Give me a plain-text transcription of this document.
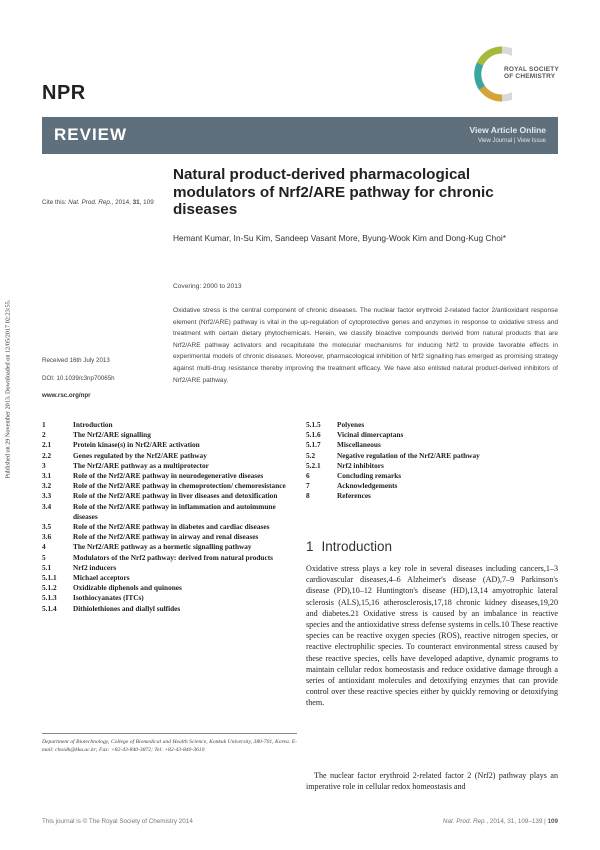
Published on 29 November 2013. Downloaded on 12/05/2017 02:23:55.
NPR
ROYAL SOCIETY
OF CHEMISTRY
REVIEW	View Article Online
View Journal | View Issue
Natural product-derived pharmacological modulators of Nrf2/ARE pathway for chronic diseases
Cite this: Nat. Prod. Rep., 2014, 31, 109
Hemant Kumar, In-Su Kim, Sandeep Vasant More, Byung-Wook Kim and Dong-Kug Choi*
Covering: 2000 to 2013
Oxidative stress is the central component of chronic diseases. The nuclear factor erythroid 2-related factor 2/antioxidant response element (Nrf2/ARE) pathway is vital in the up-regulation of cytoprotective genes and enzymes in response to oxidative stress and treatment with certain dietary phytochemicals. Herein, we classify bioactive compounds derived from natural products that are Nrf2/ARE pathway activators and recapitulate the molecular mechanisms for inducing Nrf2 to provide favorable effects in experimental models of chronic diseases. Moreover, pharmacological inhibition of Nrf2 signalling has emerged as promising strategy against multi-drug resistance thereby improving the treatment efficacy. We have also enlisted natural product-derived inhibitors of Nrf2/ARE pathway.
Received 16th July 2013
DOI: 10.1039/c3np70065h
www.rsc.org/npr
1	Introduction
2	The Nrf2/ARE signalling
2.1	Protein kinase(s) in Nrf2/ARE activation
2.2	Genes regulated by the Nrf2/ARE pathway
3	The Nrf2/ARE pathway as a multiprotector
3.1	Role of the Nrf2/ARE pathway in neurodegenerative diseases
3.2	Role of the Nrf2/ARE pathway in chemoprotection/ chemoresistance
3.3	Role of the Nrf2/ARE pathway in liver diseases and detoxification
3.4	Role of the Nrf2/ARE pathway in inflammation and autoimmune diseases
3.5	Role of the Nrf2/ARE pathway in diabetes and cardiac diseases
3.6	Role of the Nrf2/ARE pathway in airway and renal diseases
4	The Nrf2/ARE pathway as a hormetic signalling pathway
5	Modulators of the Nrf2 pathway: derived from natural products
5.1	Nrf2 inducers
5.1.1	Michael acceptors
5.1.2	Oxidizable diphenols and quinones
5.1.3	Isothiocyanates (ITCs)
5.1.4	Dithiolethiones and diallyl sulfides
5.1.5	Polyenes
5.1.6	Vicinal dimercaptans
5.1.7	Miscellaneous
5.2	Negative regulation of the Nrf2/ARE pathway
5.2.1	Nrf2 inhibitors
6	Concluding remarks
7	Acknowledgements
8	References
Department of Biotechnology, College of Biomedical and Health Science, Konkuk University, 380-701, Korea. E-mail: choidk@kku.ac.kr; Fax: +82-43-840-3872; Tel: +82-43-840-3610
1 Introduction

Oxidative stress plays a key role in several diseases including cancers,1–3 cardiovascular diseases,4–6 Alzheimer's disease (AD),7–9 Parkinson's disease (PD),10–12 Huntington's disease (HD),13,14 amyotrophic lateral sclerosis (ALS),15,16 atherosclerosis,17,18 chronic kidney diseases,19,20 and diabetes.21 Oxidative stress is caused by an imbalance in reactive species and the antioxidative stress defense systems in cells.10 These reactive species can be reactive oxygen species (ROS), reactive nitrogen species, or reactive electrophilic species. To counteract environmental stress caused by these reactive species, cells have developed adaptive, dynamic programs to maintain cellular redox homeostasis and reduce oxidative damage through a series of antioxidant molecules and detoxifying enzymes that can provide control over these reactive species either by quickly removing or detoxifying them.

The nuclear factor erythroid 2-related factor 2 (Nrf2) pathway plays an imperative role in cellular redox homeostasis and

This journal is © The Royal Society of Chemistry 2014	Nat. Prod. Rep., 2014, 31, 109–139 | 109
